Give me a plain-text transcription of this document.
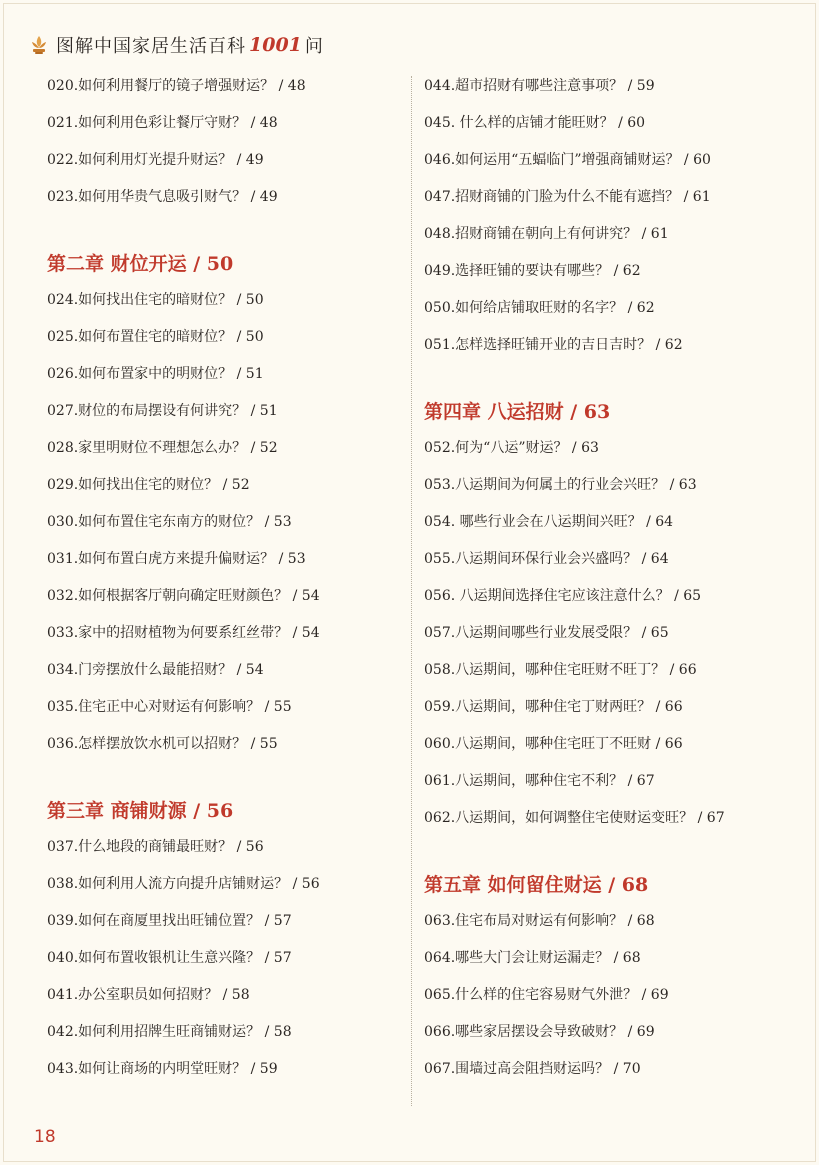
图解中国家居生活百科 1001 问
020.如何利用餐厅的镜子增强财运？ / 48
021.如何利用色彩让餐厅守财？ / 48
022.如何利用灯光提升财运？ / 49
023.如何用华贵气息吸引财气？ / 49
第二章 财位开运 / 50
024.如何找出住宅的暗财位？ / 50
025.如何布置住宅的暗财位？ / 50
026.如何布置家中的明财位？ / 51
027.财位的布局摆设有何讲究？ / 51
028.家里明财位不理想怎么办？ / 52
029.如何找出住宅的财位？ / 52
030.如何布置住宅东南方的财位？ / 53
031.如何布置白虎方来提升偏财运？ / 53
032.如何根据客厅朝向确定旺财颜色？ / 54
033.家中的招财植物为何要系红丝带？ / 54
034.门旁摆放什么最能招财？ / 54
035.住宅正中心对财运有何影响？ / 55
036.怎样摆放饮水机可以招财？ / 55
第三章 商铺财源 / 56
037.什么地段的商铺最旺财？ / 56
038.如何利用人流方向提升店铺财运？ / 56
039.如何在商厦里找出旺铺位置？ / 57
040.如何布置收银机让生意兴隆？ / 57
041.办公室职员如何招财？ / 58
042.如何利用招牌生旺商铺财运？ / 58
043.如何让商场的内明堂旺财？ / 59
044.超市招财有哪些注意事项？ / 59
045. 什么样的店铺才能旺财？ / 60
046.如何运用“五蝠临门”增强商铺财运？ / 60
047.招财商铺的门脸为什么不能有遮挡？ / 61
048.招财商铺在朝向上有何讲究？ / 61
049.选择旺铺的要诀有哪些？ / 62
050.如何给店铺取旺财的名字？ / 62
051.怎样选择旺铺开业的吉日吉时？ / 62
第四章 八运招财 / 63
052.何为“八运”财运？ / 63
053.八运期间为何属土的行业会兴旺？ / 63
054. 哪些行业会在八运期间兴旺？ / 64
055.八运期间环保行业会兴盛吗？ / 64
056. 八运期间选择住宅应该注意什么？ / 65
057.八运期间哪些行业发展受限？ / 65
058.八运期间，哪种住宅旺财不旺丁？ / 66
059.八运期间，哪种住宅丁财两旺？ / 66
060.八运期间，哪种住宅旺丁不旺财 / 66
061.八运期间，哪种住宅不利？ / 67
062.八运期间，如何调整住宅使财运变旺？ / 67
第五章 如何留住财运 / 68
063.住宅布局对财运有何影响？ / 68
064.哪些大门会让财运漏走？ / 68
065.什么样的住宅容易财气外泄？ / 69
066.哪些家居摆设会导致破财？ / 69
067.围墙过高会阻挡财运吗？ / 70
18
